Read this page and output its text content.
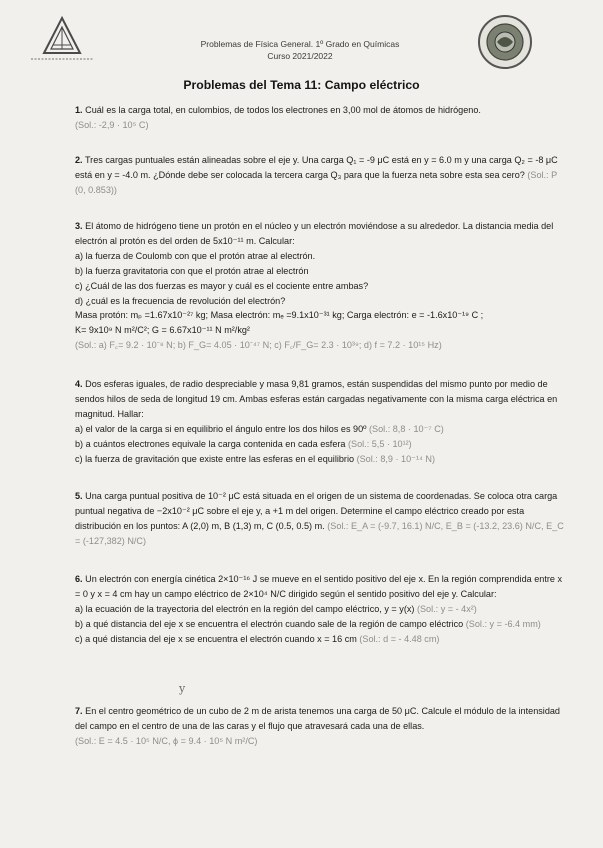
Problemas de Física General. 1º Grado en Químicas
Curso 2021/2022
Problemas del Tema 11: Campo eléctrico

1. Cuál es la carga total, en culombios, de todos los electrones en 3,00 mol de átomos de hidrógeno.

(Sol.: -2,9 · 10⁵ C)

2. Tres cargas puntuales están alineadas sobre el eje y. Una carga Q₁ = -9 μC está en y = 6.0 m y una carga Q₂ = -8 μC está en y = -4.0 m. ¿Dónde debe ser colocada la tercera carga Q₃ para que la fuerza neta sobre esta sea cero? (Sol.: P (0, 0.853))

3. El átomo de hidrógeno tiene un protón en el núcleo y un electrón moviéndose a su alrededor. La distancia media del electrón al protón es del orden de 5x10⁻¹¹ m. Calcular:

a) la fuerza de Coulomb con que el protón atrae al electrón.

b) la fuerza gravitatoria con que el protón atrae al electrón

c) ¿Cuál de las dos fuerzas es mayor y cuál es el cociente entre ambas?

d) ¿cuál es la frecuencia de revolución del electrón?

Masa protón: mₚ =1.67x10⁻²⁷ kg; Masa electrón: mₑ =9.1x10⁻³¹ kg; Carga electrón: e = -1.6x10⁻¹⁹ C ;

K= 9x10⁹ N m²/C²; G = 6.67x10⁻¹¹ N m²/kg²

(Sol.: a) F꜀= 9.2 · 10⁻⁸ N; b) F_G= 4.05 · 10⁻⁴⁷ N; c) F꜀/F_G= 2.3 · 10³⁹; d) f = 7.2 · 10¹⁵ Hz)

4. Dos esferas iguales, de radio despreciable y masa 9,81 gramos, están suspendidas del mismo punto por medio de sendos hilos de seda de longitud 19 cm. Ambas esferas están cargadas negativamente con la misma carga eléctrica en magnitud. Hallar:

a) el valor de la carga si en equilibrio el ángulo entre los dos hilos es 90º (Sol.: 8,8 · 10⁻⁷ C)

b) a cuántos electrones equivale la carga contenida en cada esfera (Sol.: 5,5 · 10¹²)

c) la fuerza de gravitación que existe entre las esferas en el equilibrio (Sol.: 8,9 · 10⁻¹⁴ N)

5. Una carga puntual positiva de 10⁻² μC está situada en el origen de un sistema de coordenadas. Se coloca otra carga puntual negativa de −2x10⁻² μC sobre el eje y, a +1 m del origen. Determine el campo eléctrico creado por esta distribución en los puntos: A (2,0) m, B (1,3) m, C (0.5, 0.5) m. (Sol.: E_A = (-9.7, 16.1) N/C, E_B = (-13.2, 23.6) N/C, E_C = (-127,382) N/C)

6. Un electrón con energía cinética 2×10⁻¹⁶ J se mueve en el sentido positivo del eje x. En la región comprendida entre x = 0 y x = 4 cm hay un campo eléctrico de 2×10⁴ N/C dirigido según el sentido positivo del eje y. Calcular:

a) la ecuación de la trayectoria del electrón en la región del campo eléctrico, y = y(x) (Sol.: y = - 4x²)

b) a qué distancia del eje x se encuentra el electrón cuando sale de la región de campo eléctrico (Sol.: y = -6.4 mm)

c) a qué distancia del eje x se encuentra el electrón cuando x = 16 cm (Sol.: d = - 4.48 cm)

y

7. En el centro geométrico de un cubo de 2 m de arista tenemos una carga de 50 μC. Calcule el módulo de la intensidad del campo en el centro de una de las caras y el flujo que atravesará cada una de ellas.

(Sol.: E = 4.5 · 10⁵ N/C, ϕ = 9.4 · 10⁵ N m²/C)
